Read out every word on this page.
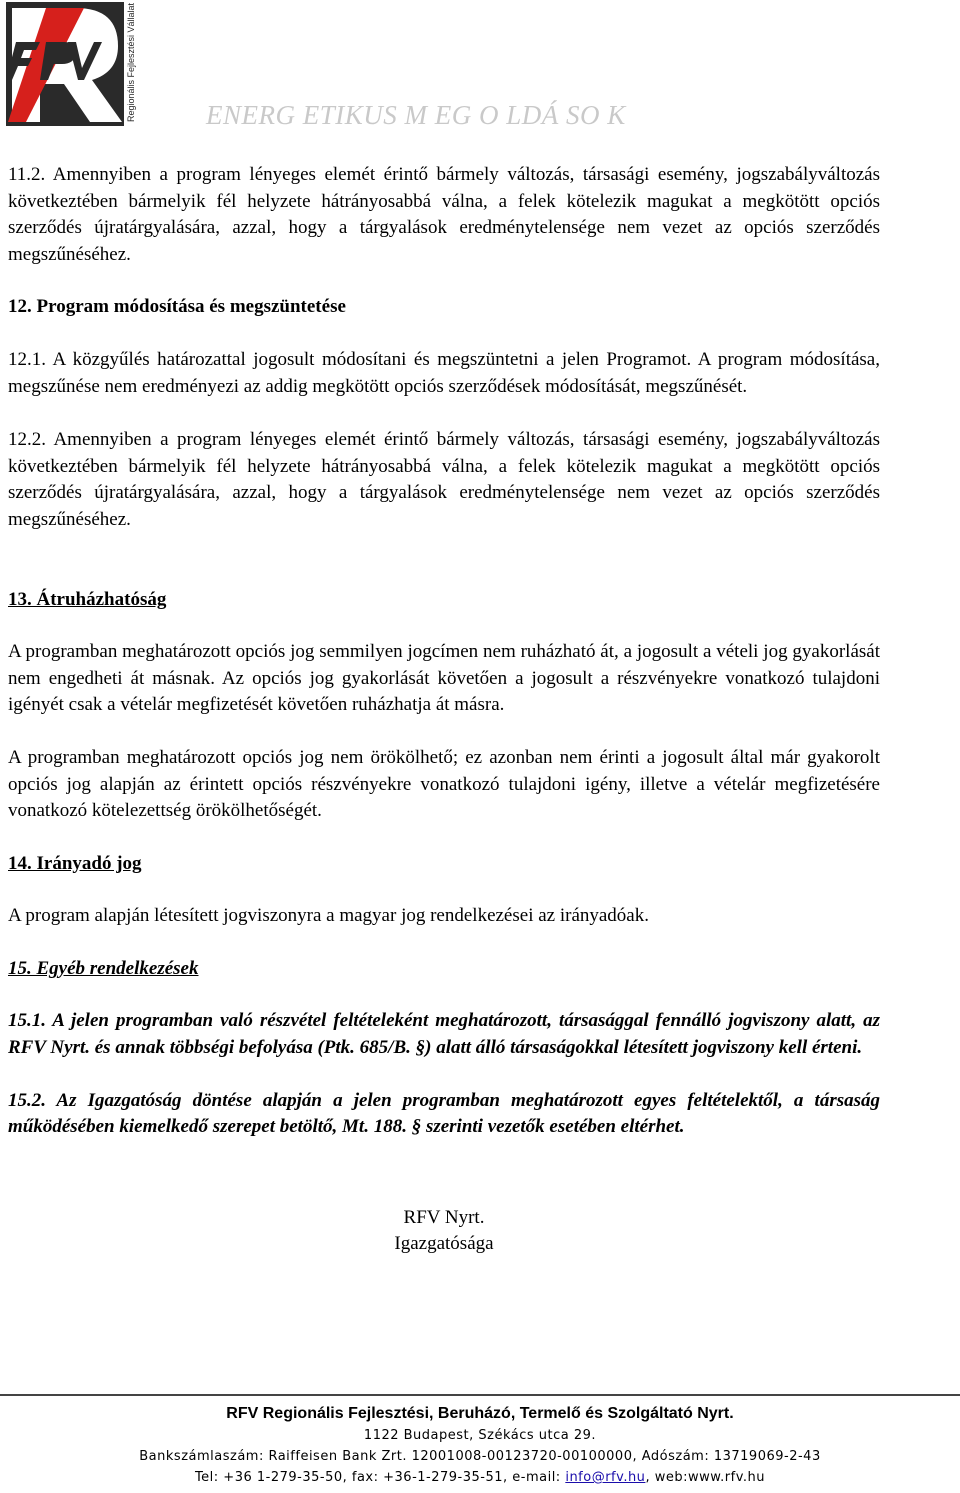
Regionális Fejlesztési Vállalat	ENERG ETIKUS M EG O LDÁ SO K

11.2. Amennyiben a program lényeges elemét érintő bármely változás, társasági esemény, jogszabályváltozás következtében bármelyik fél helyzete hátrányosabbá válna, a felek kötelezik magukat a megkötött opciós szerződés újratárgyalására, azzal, hogy a tárgyalások eredménytelensége nem vezet az opciós szerződés megszűnéséhez.

12. Program módosítása és megszüntetése

12.1. A közgyűlés határozattal jogosult módosítani és megszüntetni a jelen Programot. A program módosítása, megszűnése nem eredményezi az addig megkötött opciós szerződések módosítását, megszűnését.

12.2. Amennyiben a program lényeges elemét érintő bármely változás, társasági esemény, jogszabályváltozás következtében bármelyik fél helyzete hátrányosabbá válna, a felek kötelezik magukat a megkötött opciós szerződés újratárgyalására, azzal, hogy a tárgyalások eredménytelensége nem vezet az opciós szerződés megszűnéséhez.

13. Átruházhatóság

A programban meghatározott opciós jog semmilyen jogcímen nem ruházható át, a jogosult a vételi jog gyakorlását nem engedheti át másnak. Az opciós jog gyakorlását követően a jogosult a részvényekre vonatkozó tulajdoni igényét csak a vételár megfizetését követően ruházhatja át másra.

A programban meghatározott opciós jog nem örökölhető; ez azonban nem érinti a jogosult által már gyakorolt opciós jog alapján az érintett opciós részvényekre vonatkozó tulajdoni igény, illetve a vételár megfizetésére vonatkozó kötelezettség örökölhetőségét.

14. Irányadó jog

A program alapján létesített jogviszonyra a magyar jog rendelkezései az irányadóak.

15. Egyéb rendelkezések

15.1. A jelen programban való részvétel feltételeként meghatározott, társasággal fennálló jogviszony alatt, az RFV Nyrt. és annak többségi befolyása (Ptk. 685/B. §) alatt álló társaságokkal létesített jogviszony kell érteni.

15.2. Az Igazgatóság döntése alapján a jelen programban meghatározott egyes feltételektől, a társaság működésében kiemelkedő szerepet betöltő, Mt. 188. § szerinti vezetők esetében eltérhet.

RFV Nyrt.
Igazgatósága
RFV Regionális Fejlesztési, Beruházó, Termelő és Szolgáltató Nyrt.
1122 Budapest, Székács utca 29.
Bankszámlaszám: Raiffeisen Bank Zrt. 12001008-00123720-00100000, Adószám: 13719069-2-43
Tel: +36 1-279-35-50, fax: +36-1-279-35-51, e-mail: info@rfv.hu, web:www.rfv.hu
